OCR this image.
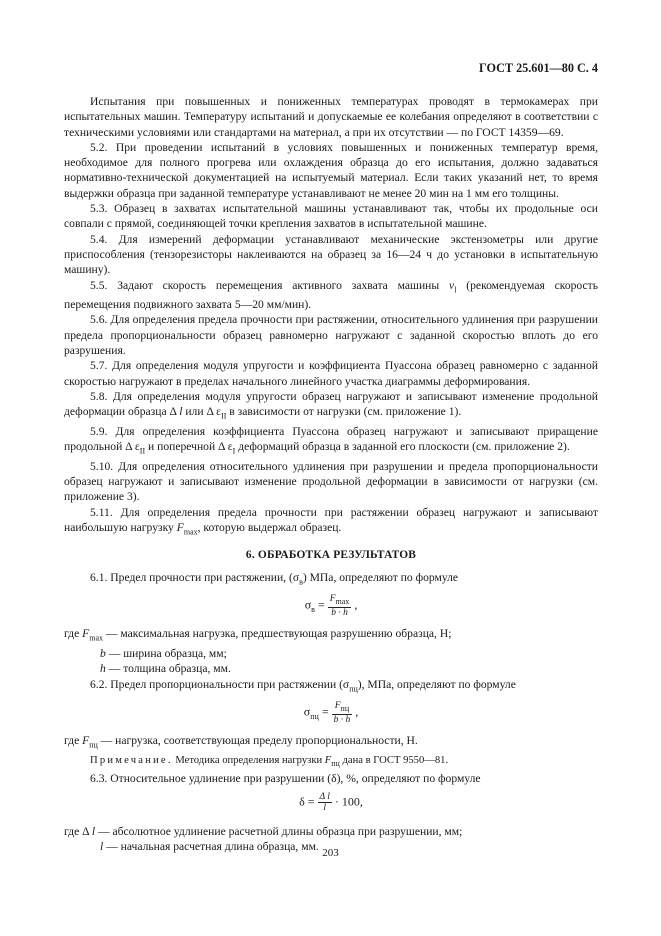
ГОСТ 25.601—80 С. 4

Испытания при повышенных и пониженных температурах проводят в термокамерах при испытательных машин. Температуру испытаний и допускаемые ее колебания определяют в соответствии с техническими условиями или стандартами на материал, а при их отсутствии — по ГОСТ 14359—69.

5.2. При проведении испытаний в условиях повышенных и пониженных температур время, необходимое для полного прогрева или охлаждения образца до его испытания, должно задаваться нормативно-технической документацией на испытуемый материал. Если таких указаний нет, то время выдержки образца при заданной температуре устанавливают не менее 20 мин на 1 мм его толщины.

5.3. Образец в захватах испытательной машины устанавливают так, чтобы их продольные оси совпали с прямой, соединяющей точки крепления захватов в испытательной машине.

5.4. Для измерений деформации устанавливают механические экстензометры или другие приспособления (тензорезисторы наклеиваются на образец за 16—24 ч до установки в испытательную машину).

5.5. Задают скорость перемещения активного захвата машины $v_l$ (рекомендуемая скорость перемещения подвижного захвата 5—20 мм/мин).

5.6. Для определения предела прочности при растяжении, относительного удлинения при разрушении предела пропорциональности образец равномерно нагружают с заданной скоростью вплоть до его разрушения.

5.7. Для определения модуля упругости и коэффициента Пуассона образец равномерно с заданной скоростью нагружают в пределах начального линейного участка диаграммы деформирования.

5.8. Для определения модуля упругости образец нагружают и записывают изменение продольной деформации образца Δ l или Δ $\varepsilon_{II}$ в зависимости от нагрузки (см. приложение 1).

5.9. Для определения коэффициента Пуассона образец нагружают и записывают приращение продольной Δ $\varepsilon_{II}$ и поперечной Δ $\varepsilon_I$ деформаций образца в заданной его плоскости (см. приложение 2).

5.10. Для определения относительного удлинения при разрушении и предела пропорциональности образец нагружают и записывают изменение продольной деформации в зависимости от нагрузки (см. приложение 3).

5.11. Для определения предела прочности при растяжении образец нагружают и записывают наибольшую нагрузку $F_{max}$, которую выдержал образец.

6. ОБРАБОТКА РЕЗУЛЬТАТОВ

6.1. Предел прочности при растяжении, $(\sigma_в)$ МПа, определяют по формуле

$\sigma_в = \frac{F_{max}}{b \cdot h}$ ,

где $F_{max}$ — максимальная нагрузка, предшествующая разрушению образца, Н;

b — ширина образца, мм;

h — толщина образца, мм.

6.2. Предел пропорциональности при растяжении $(\sigma_{пц})$, МПа, определяют по формуле

$\sigma_{пц} = \frac{F_{пц}}{b \cdot h}$ ,

где $F_{пц}$ — нагрузка, соответствующая пределу пропорциональности, Н.

Примечание. Методика определения нагрузки $F_{пц}$ дана в ГОСТ 9550—81.

6.3. Относительное удлинение при разрушении (δ), %, определяют по формуле

$\delta = \frac{\text{Δ l}}{l} \cdot 100$,

где Δ l — абсолютное удлинение расчетной длины образца при разрушении, мм;

l — начальная расчетная длина образца, мм.

203
